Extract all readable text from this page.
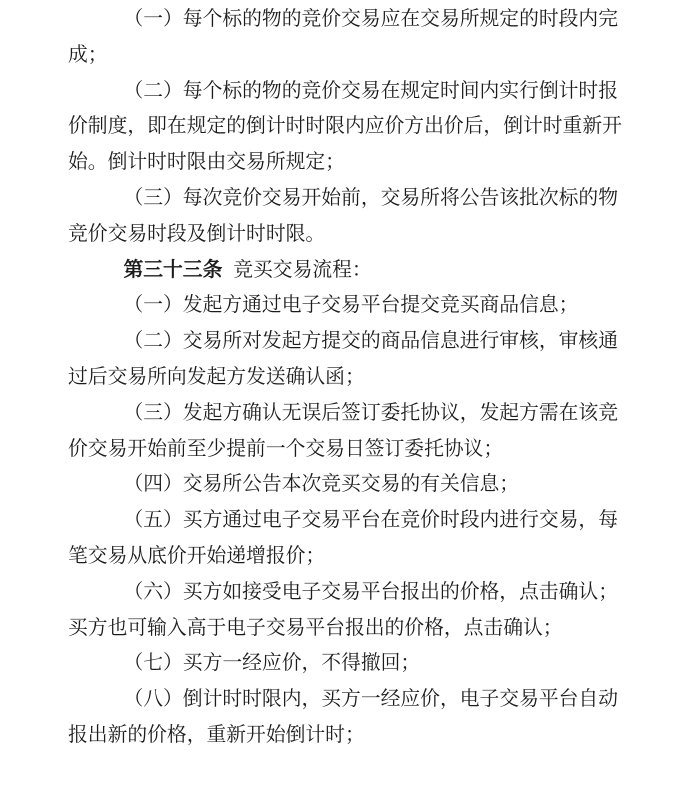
（一）每个标的物的竞价交易应在交易所规定的时段内完
成；
（二）每个标的物的竞价交易在规定时间内实行倒计时报
价制度，即在规定的倒计时时限内应价方出价后，倒计时重新开
始。倒计时时限由交易所规定；
（三）每次竞价交易开始前，交易所将公告该批次标的物
竞价交易时段及倒计时时限。
第三十三条 竞买交易流程：
（一）发起方通过电子交易平台提交竞买商品信息；
（二）交易所对发起方提交的商品信息进行审核，审核通
过后交易所向发起方发送确认函；
（三）发起方确认无误后签订委托协议，发起方需在该竞
价交易开始前至少提前一个交易日签订委托协议；
（四）交易所公告本次竞买交易的有关信息；
（五）买方通过电子交易平台在竞价时段内进行交易，每
笔交易从底价开始递增报价；
（六）买方如接受电子交易平台报出的价格，点击确认；
买方也可输入高于电子交易平台报出的价格，点击确认；
（七）买方一经应价，不得撤回；
（八）倒计时时限内，买方一经应价，电子交易平台自动
报出新的价格，重新开始倒计时；
